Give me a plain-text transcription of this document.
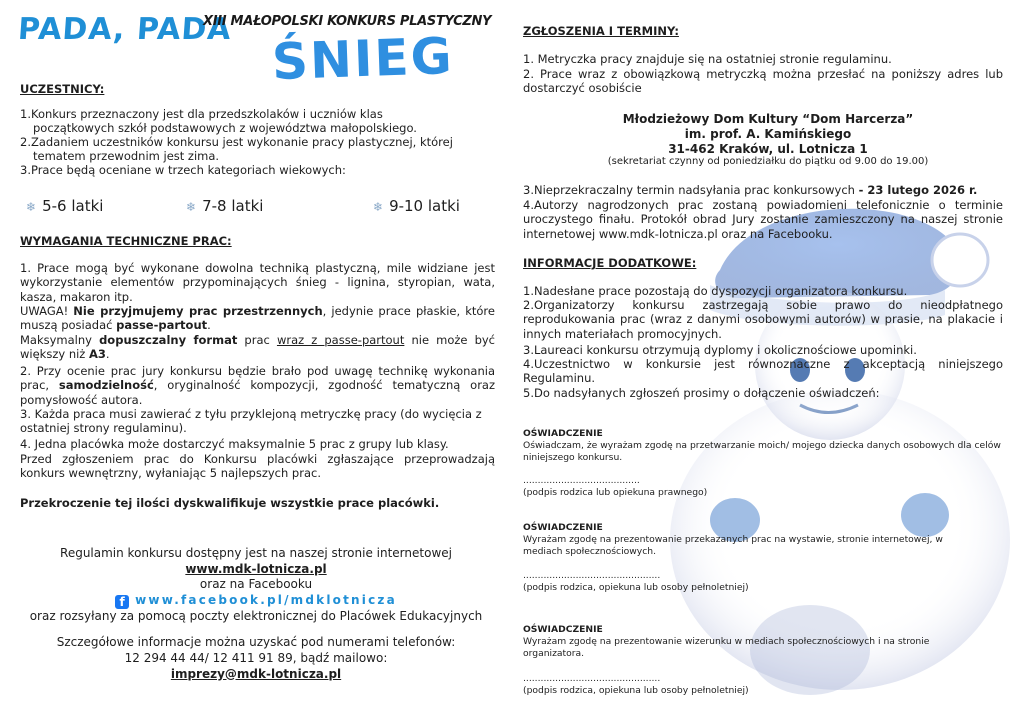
PADA, PADA
XIII MAŁOPOLSKI KONKURS PLASTYCZNY
ŚNIEG
UCZESTNICY:
1.Konkurs przeznaczony jest dla przedszkolaków i uczniów klas
początkowych szkół podstawowych z województwa małopolskiego.
2.Zadaniem uczestników konkursu jest wykonanie pracy plastycznej, której
tematem przewodnim jest zima.
3.Prace będą oceniane w trzech kategoriach wiekowych:
❄ 5-6 latki	❄ 7-8 latki	❄ 9-10 latki
WYMAGANIA TECHNICZNE PRAC:
1. Prace mogą być wykonane dowolna techniką plastyczną, mile widziane jest wykorzystanie elementów przypominających śnieg - lignina, styropian, wata, kasza, makaron itp.
UWAGA! Nie przyjmujemy prac przestrzennych, jedynie prace płaskie, które muszą posiadać passe-partout.
Maksymalny dopuszczalny format prac wraz z passe-partout nie może być większy niż A3.
2. Przy ocenie prac jury konkursu będzie brało pod uwagę technikę wykonania prac, samodzielność, oryginalność kompozycji, zgodność tematyczną oraz pomysłowość autora.
3. Każda praca musi zawierać z tyłu przyklejoną metryczkę pracy (do wycięcia z ostatniej strony regulaminu).
4. Jedna placówka może dostarczyć maksymalnie 5 prac z grupy lub klasy.
Przed zgłoszeniem prac do Konkursu placówki zgłaszające przeprowadzają konkurs wewnętrzny, wyłaniając 5 najlepszych prac.
Przekroczenie tej ilości dyskwalifikuje wszystkie prace placówki.
Regulamin konkursu dostępny jest na naszej stronie internetowej
www.mdk-lotnicza.pl
oraz na Facebooku
f www.facebook.pl/mdklotnicza
oraz rozsyłany za pomocą poczty elektronicznej do Placówek Edukacyjnych
Szczegółowe informacje można uzyskać pod numerami telefonów:
12 294 44 44/ 12 411 91 89, bądź mailowo:
imprezy@mdk-lotnicza.pl
ZGŁOSZENIA I TERMINY:
1. Metryczka pracy znajduje się na ostatniej stronie regulaminu.
2. Prace wraz z obowiązkową metryczką można przesłać na poniższy adres lub dostarczyć osobiście
Młodzieżowy Dom Kultury “Dom Harcerza”
im. prof. A. Kamińskiego
31-462 Kraków, ul. Lotnicza 1
(sekretariat czynny od poniedziałku do piątku od 9.00 do 19.00)
3.Nieprzekraczalny termin nadsyłania prac konkursowych - 23 lutego 2026 r.
4.Autorzy nagrodzonych prac zostaną powiadomieni telefonicznie o terminie uroczystego finału. Protokół obrad Jury zostanie zamieszczony na naszej stronie internetowej www.mdk-lotnicza.pl oraz na Facebooku.
INFORMACJE DODATKOWE:
1.Nadesłane prace pozostają do dyspozycji organizatora konkursu.
2.Organizatorzy konkursu zastrzegają sobie prawo do nieodpłatnego reprodukowania prac (wraz z danymi osobowymi autorów) w prasie, na plakacie i innych materiałach promocyjnych.
3.Laureaci konkursu otrzymują dyplomy i okolicznościowe upominki.
4.Uczestnictwo w konkursie jest równoznaczne z akceptacją niniejszego Regulaminu.
5.Do nadsyłanych zgłoszeń prosimy o dołączenie oświadczeń:
OŚWIADCZENIE
Oświadczam, że wyrażam zgodę na przetwarzanie moich/ mojego dziecka danych osobowych dla celów niniejszego konkursu.
........................................
(podpis rodzica lub opiekuna prawnego)
OŚWIADCZENIE
Wyrażam zgodę na prezentowanie przekazanych prac na wystawie, stronie internetowej, w mediach społecznościowych.
...............................................
(podpis rodzica, opiekuna lub osoby pełnoletniej)
OŚWIADCZENIE
Wyrażam zgodę na prezentowanie wizerunku w mediach społecznościowych i na stronie organizatora.
...............................................
(podpis rodzica, opiekuna lub osoby pełnoletniej)
